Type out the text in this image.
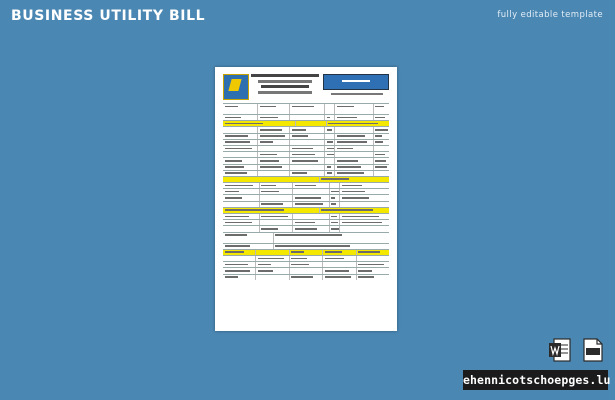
BUSINESS UTILITY BILL	fully editable template
ehennicotschoepges.lu
